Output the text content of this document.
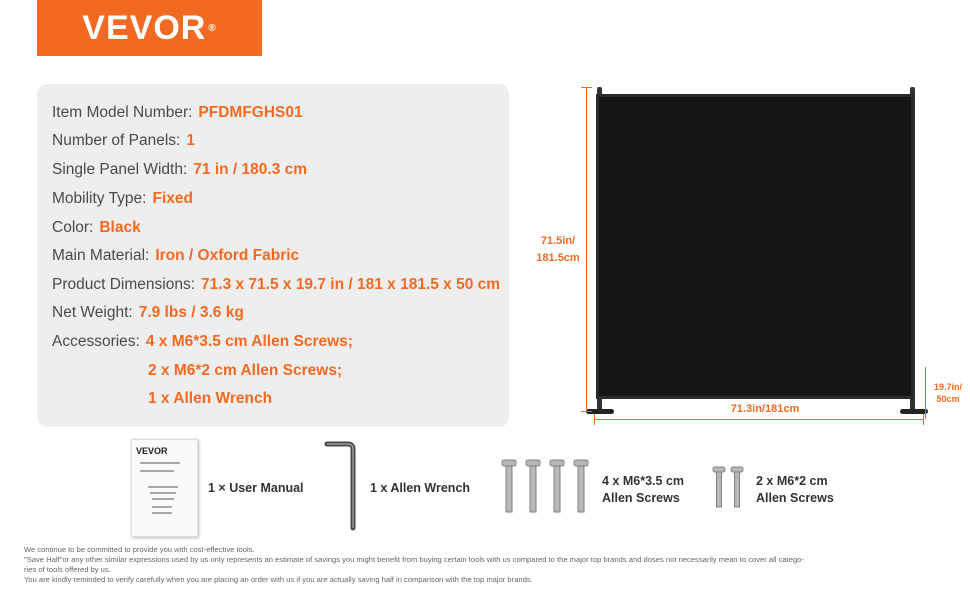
VEVOR ®
Item Model Number: PFDMFGHS01
Number of Panels: 1
Single Panel Width: 71 in / 180.3 cm
Mobility Type: Fixed
Color: Black
Main Material: Iron / Oxford Fabric
Product Dimensions: 71.3 x 71.5 x 19.7 in / 181 x 181.5 x 50 cm
Net Weight: 7.9 lbs / 3.6 kg
Accessories: 4 x M6*3.5 cm Allen Screws;
2 x M6*2 cm Allen Screws;
1 x Allen Wrench
71.5in/
181.5cm
71.3in/181cm
19.7in/
50cm
VEVOR
1 × User Manual	1 x Allen Wrench	4 x M6*3.5 cm
Allen Screws
2 x M6*2 cm
Allen Screws
We continue to be committed to provide you with cost-effective tools.
"Save Half"or any other similar expressions used by us only represents an estimate of savings you might benefit from buying certain tools with us compared to the major top brands and doses not necessarily mean to cover all catego-
ries of tools offered by us.
You are kindly reminded to verify carefully when you are placing an order with us if you are actually saving half in comparison with the top major brands.
